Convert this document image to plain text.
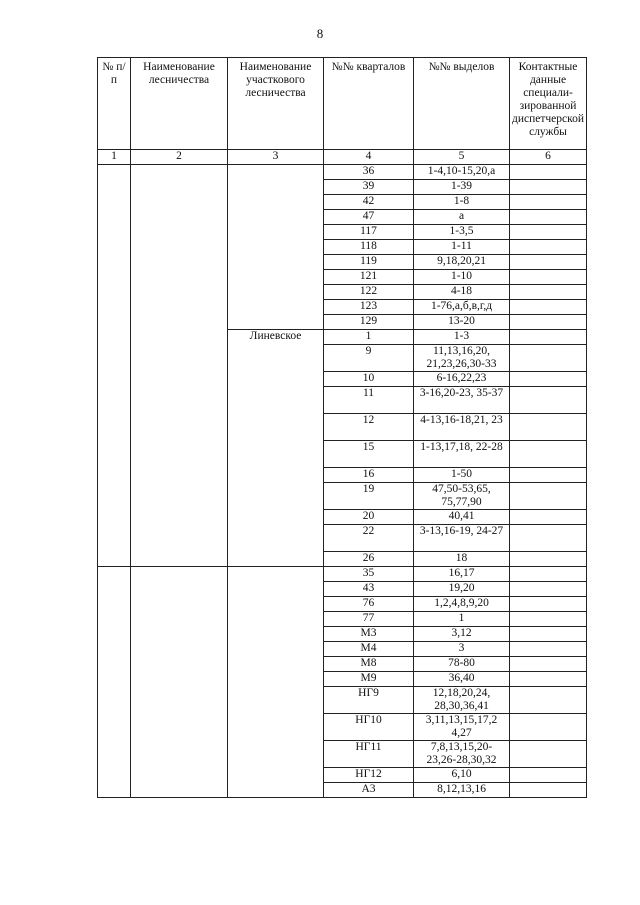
8
№ п/п	Наименование лесничества	Наименование участкового лесничества	№№ кварталов	№№ выделов	Контактные данные специали-зированной диспетчерской службы
1	2	3	4	5	6
			36	1-4,10-15,20,а	
			39	1-39	
			42	1-8	
			47	а	
			117	1-3,5	
			118	1-11	
			119	9,18,20,21	
			121	1-10	
			122	4-18	
			123	1-76,а,б,в,г,д	
			129	13-20	
		Линевское	1	1-3	
			9	11,13,16,20, 21,23,26,30-33	
			10	6-16,22,23	
			11	3-16,20-23, 35-37	
			12	4-13,16-18,21, 23	
			15	1-13,17,18, 22-28	
			16	1-50	
			19	47,50-53,65, 75,77,90	
			20	40,41	
			22	3-13,16-19, 24-27	
			26	18	
			35	16,17	
			43	19,20	
			76	1,2,4,8,9,20	
			77	1	
			М3	3,12	
			М4	3	
			М8	78-80	
			М9	36,40	
			НГ9	12,18,20,24, 28,30,36,41	
			НГ10	3,11,13,15,17,2 4,27	
			НГ11	7,8,13,15,20-23,26-28,30,32	
			НГ12	6,10	
			А3	8,12,13,16	
